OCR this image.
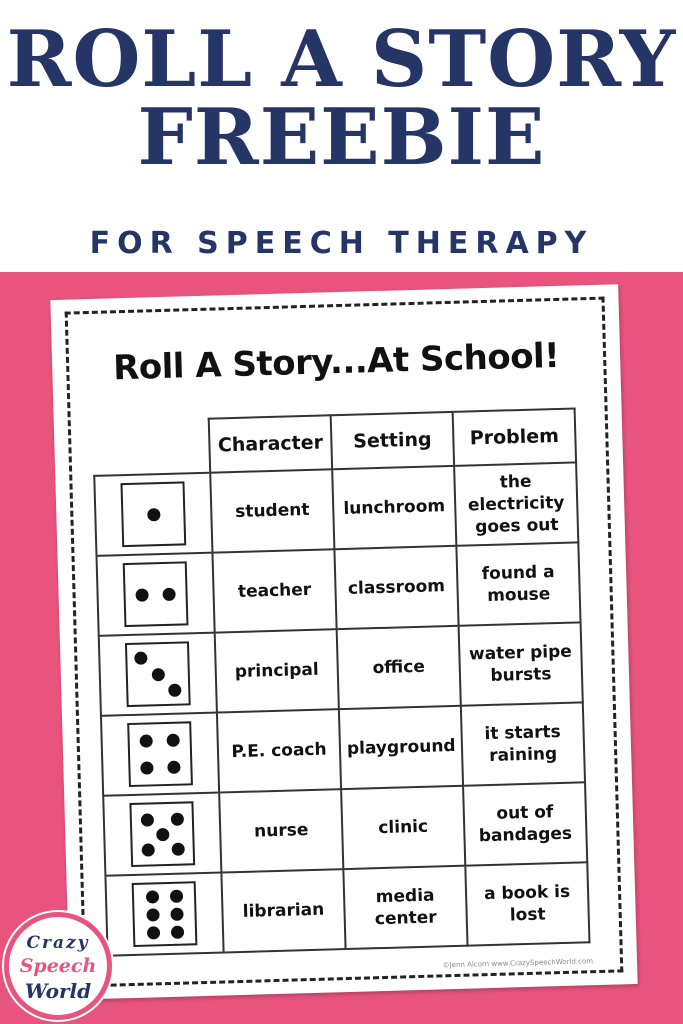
ROLL A STORY
FREEBIE
FOR SPEECH THERAPY
Roll A Story...At School!
	Character	Setting	Problem

	student	lunchroom	the electricity goes out

	teacher	classroom	found a mouse

	principal	office	water pipe bursts

	P.E. coach	playground	it starts raining

	nurse	clinic	out of bandages

	librarian	media center	a book is lost
©Jenn Alcorn www.CrazySpeechWorld.com
Crazy
Speech
World
